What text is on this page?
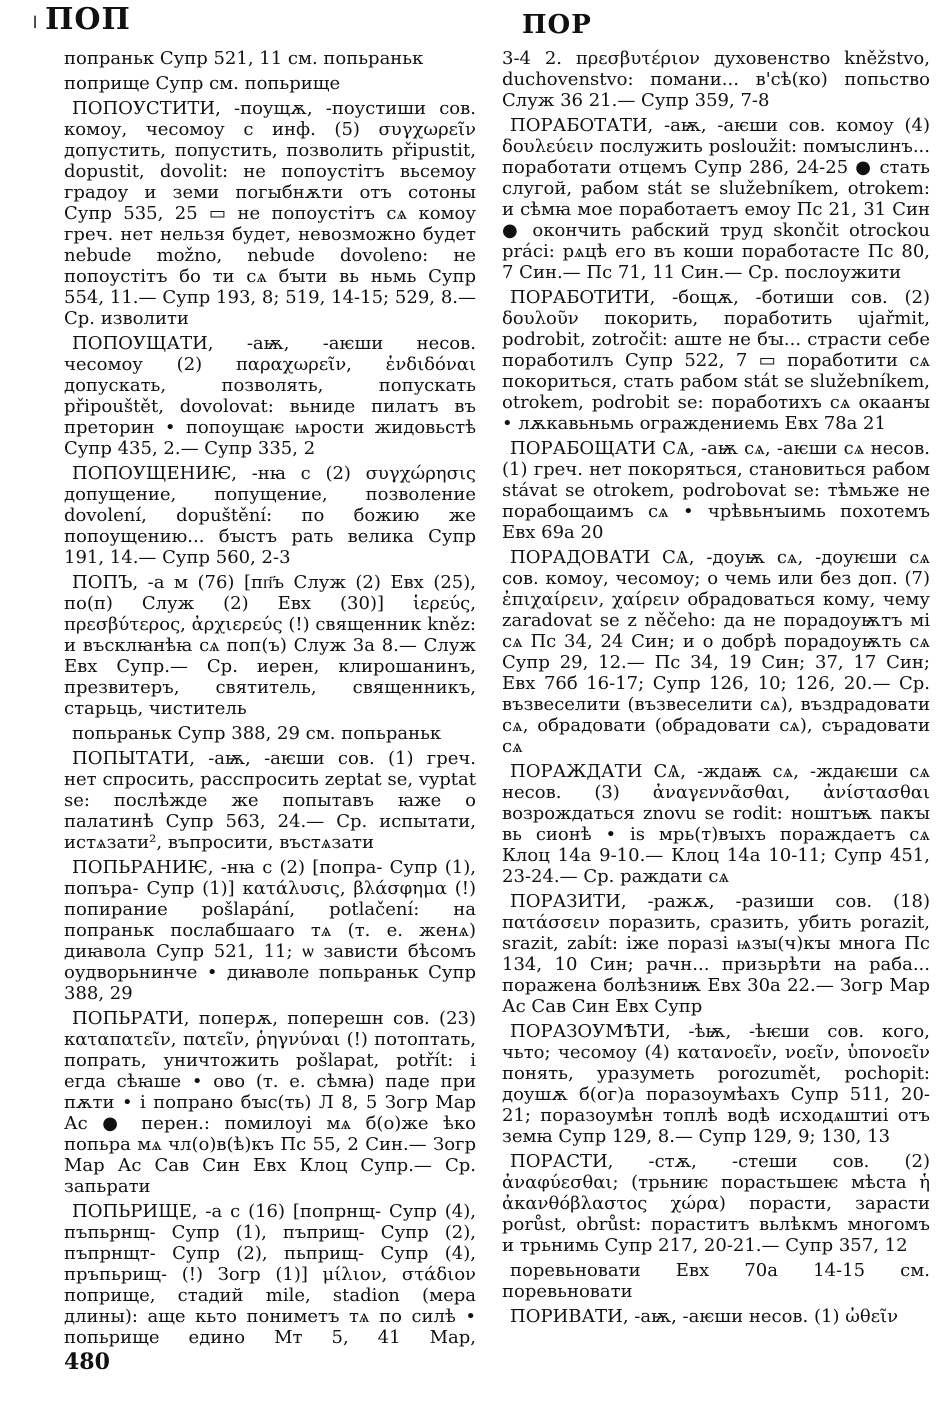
❘ ПОП	ПОР

попраньк Супр 521, 11 см. попьраньк

поприще Супр см. попьрище

ПОПОУСТИТИ, -поущѫ, -поустиши сов. комоу, чесомоу с инф. (5) συγχωρεῖν допустить, попустить, позволить připustit, dopustit, dovolit: не попоустітъ вьсемоу градоу и земи погыбнѫти отъ сотоны Супр 535, 25 ▭ не попоустітъ сѧ комоу греч. нет нельзя будет, невозможно будет nebude možno, nebude dovoleno: не попоустітъ бо ти сѧ бꙑти вь ньмь Супр 554, 11.— Супр 193, 8; 519, 14-15; 529, 8.— Ср. изволити

ПОПОУЩАТИ, -аѭ, -аѥши несов. чесомоу (2) παραχωρεῖν, ἐνδιδόναι допускать, позволять, попускать připouštět, dovolovat: вьниде пилатъ въ преторин • попоущаѥ ѩрости жидовьстѣ Супр 435, 2.— Супр 335, 2

ПОПОУЩЕНИѤ, -нꙗ с (2) συγχώρησις допущение, попущение, позволение dovolení, dopuštění: по божию же попоущению... бꙑстъ рать велика Супр 191, 14.— Супр 560, 2-3

ПОПЪ, -а м (76) [пп҃ъ Служ (2) Евх (25), по(п) Служ (2) Евх (30)] ἱερεύς, πρεσβύτερος, ἀρχιερεύς (!) священник kněz: и въсклꙗнѣꙗ сѧ поп(ъ) Служ 3а 8.— Служ Евх Супр.— Ср. иерен, клирошанинъ, презвитеръ, святитель, священникъ, старьць, чиститель

попьраньк Супр 388, 29 см. попьраньк

ПОПЫТАТИ, -аѭ, -аѥши сов. (1) греч. нет спросить, расспросить zeptat se, vyptat se: послѣжде же попытавъ ꙗже о палатинѣ Супр 563, 24.— Ср. испытати, истѧзати², въпросити, въстѧзати

ПОПЬРАНИѤ, -нꙗ с (2) [попра- Супр (1), попъра- Супр (1)] κατάλυσις, βλάσφημα (!) попирание pošlapání, potlačení: на попраньк послабшааго тѧ (т. е. женѧ) диꙗвола Супр 521, 11; ѡ зависти бѣсомъ оудворьнинче • диꙗволе попьраньк Супр 388, 29

ПОПЬРАТИ, поперѫ, поперешн сов. (23) καταπατεῖν, πατεῖν, ῥηγνύναι (!) потоптать, попрать, уничтожить pošlapat, potřít: і егда сѣꙗше • ово (т. е. сѣмꙗ) паде при пѫти • і попрано бꙑс(ть) Л 8, 5 Зогр Мар Ас ● перен.: помилоуі мѧ б(о)же ѣко попьра мѧ чл(о)в(ѣ)къ Пс 55, 2 Син.— Зогр Мар Ас Сав Син Евх Клоц Супр.— Ср. запьрати

ПОПЬРИЩЕ, -а с (16) [попрнщ- Супр (4), пъпьрнщ- Супр (1), пъприщ- Супр (2), пъпрнщт- Супр (2), пьприщ- Супр (4), пръпьрищ- (!) Зогр (1)] μίλιον, στάδιον поприще, стадий mile, stadion (мера длины): аще кьто пониметъ тѧ по силѣ • попьрище едино Мт 5, 41 Мар,

3-4 2. πρεσβυτέριον духовенство kněžstvo, duchovenstvo: помани... в'сѣ(ко) попьство Служ 36 21.— Супр 359, 7-8

ПОРАБОТАТИ, -аѭ, -аѥши сов. комоу (4) δουλεύειν послужить posloužit: помꙑслинъ... поработати отцемъ Супр 286, 24-25 ● стать слугой, рабом stát se služebníkem, otrokem: и сѣмꙗ мое поработаетъ емоу Пс 21, 31 Син ● окончить рабский труд skončit otrockou práci: рѧцѣ его въ коши поработасте Пс 80, 7 Син.— Пс 71, 11 Син.— Ср. послоужити

ПОРАБОТИТИ, -бощѫ, -ботиши сов. (2) δουλοῦν покорить, поработить ujařmit, podrobit, zotročit: аште не бꙑ... страсти себе поработилъ Супр 522, 7 ▭ поработити сѧ покориться, стать рабом stát se služebníkem, otrokem, podrobit se: поработихъ сѧ окаанꙑ • лѫкавьньмь ограждениемь Евх 78а 21

ПОРАБОЩАТИ СѦ, -аѭ сѧ, -аѥши сѧ несов. (1) греч. нет покоряться, становиться рабом stávat se otrokem, podrobovat se: тѣмьже не порабощаимъ сѧ • чрѣвьнꙑимь похотемъ Евх 69а 20

ПОРАДОВАТИ СѦ, -доуѭ сѧ, -доуѥши сѧ сов. комоу, чесомоу; о чемь или без доп. (7) ἐπιχαίρειν, χαίρειν обрадоваться кому, чему zaradovat se z něčeho: да не порадоуѭтъ мі сѧ Пс 34, 24 Син; и о добрѣ порадоуѭть сѧ Супр 29, 12.— Пс 34, 19 Син; 37, 17 Син; Евх 76б 16-17; Супр 126, 10; 126, 20.— Ср. възвеселити (възвеселити сѧ), въздрадовати сѧ, обрадовати (обрадовати сѧ), сърадовати сѧ

ПОРАЖДАТИ СѦ, -ждаѭ сѧ, -ждаѥши сѧ несов. (3) ἀναγεννᾶσθαι, ἀνίστασθαι возрождаться znovu se rodit: ноштъѭ пакꙑ вь сионѣ • іѕ мрь(т)вꙑхъ пораждаетъ сѧ Клоц 14а 9-10.— Клоц 14а 10-11; Супр 451, 23-24.— Ср. раждати сѧ

ПОРАЗИТИ, -ражѫ, -разиши сов. (18) πατάσσειν поразить, сразить, убить porazit, srazit, zabít: іже поразі ѩзꙑ(ч)кꙑ многа Пс 134, 10 Син; рачн... призьрѣти на раба... поражена болѣзниѭ Евх 30а 22.— Зогр Мар Ас Сав Син Евх Супр

ПОРАЗОУМѢТИ, -ѣѭ, -ѣѥши сов. кого, чьто; чесомоу (4) κατανοεῖν, νοεῖν, ὑπονοεῖν понять, уразуметь porozumět, pochopit: доушѫ б(ог)а поразоумѣахъ Супр 511, 20-21; поразоумѣн топлѣ водѣ исходѧштиі отъ земꙗ Супр 129, 8.— Супр 129, 9; 130, 13

ПОРАСТИ, -стѫ, -стеши сов. (2) ἀναφύεσθαι; (трьниѥ порастьшеѥ мѣста ἡ ἀκανθόβλαστος χώρα) порасти, зарасти porůst, obrůst: пораститъ вьлѣкмъ многомъ и трьнимь Супр 217, 20-21.— Супр 357, 12

поревьновати Евх 70а 14-15 см. поревьновати

ПОРИВАТИ, -аѭ, -аѥши несов. (1) ὠθεῖν

480
